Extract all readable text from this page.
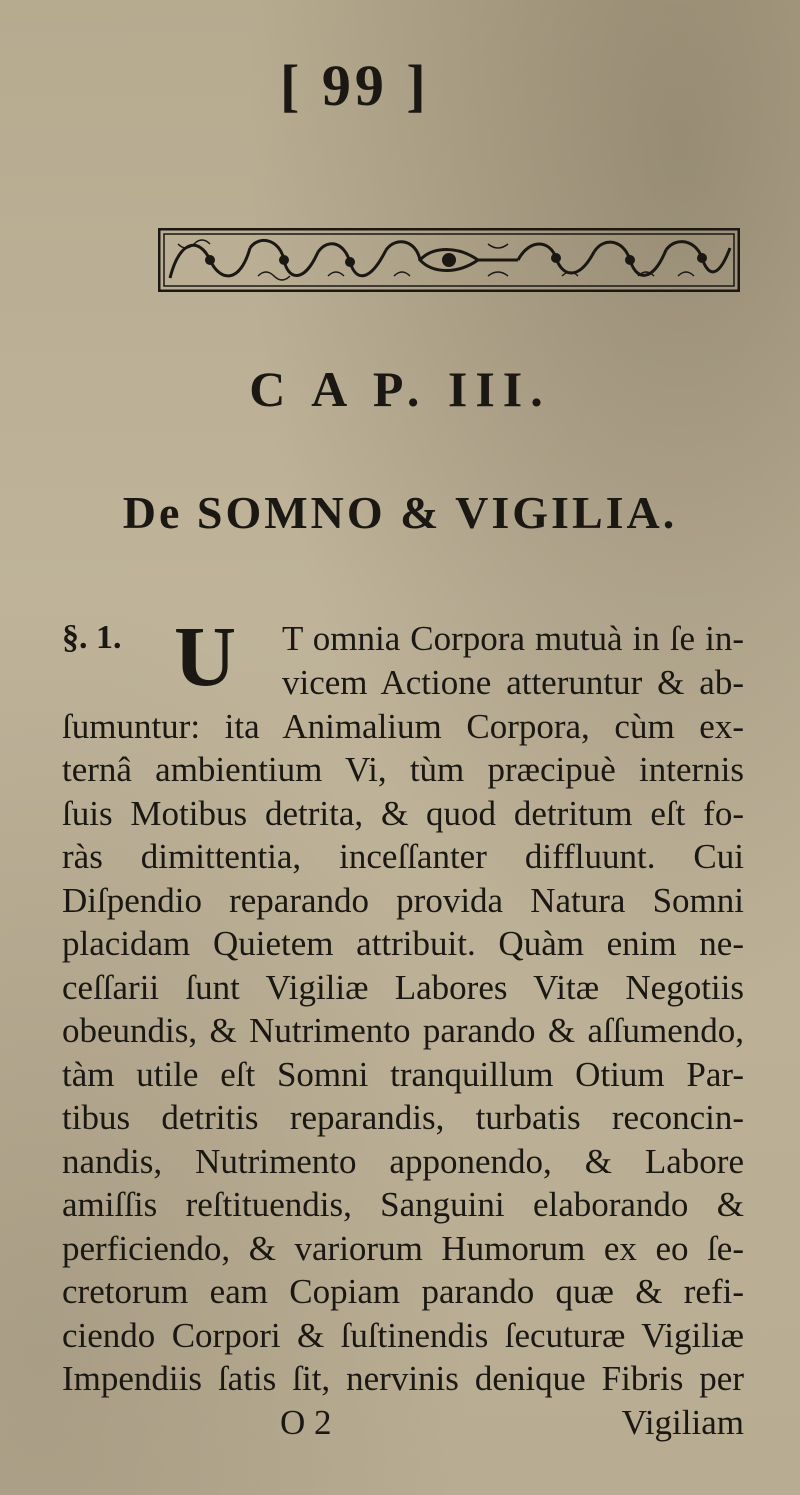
[ 99 ]
C A P. III.
De SOMNO & VIGILIA.
§. 1. U T omnia Corpora mutuà in ſe in-
vicem Actione atteruntur & ab-
ſumuntur: ita Animalium Corpora, cùm ex-
ternâ ambientium Vi, tùm præcipuè internis
ſuis Motibus detrita, & quod detritum eſt fo-
ràs dimittentia, inceſſanter diffluunt. Cui
Diſpendio reparando provida Natura Somni
placidam Quietem attribuit. Quàm enim ne-
ceſſarii ſunt Vigiliæ Labores Vitæ Negotiis
obeundis, & Nutrimento parando & aſſumendo,
tàm utile eſt Somni tranquillum Otium Par-
tibus detritis reparandis, turbatis reconcin-
nandis, Nutrimento apponendo, & Labore
amiſſis reſtituendis, Sanguini elaborando &
perficiendo, & variorum Humorum ex eo ſe-
cretorum eam Copiam parando quæ & refi-
ciendo Corpori & ſuſtinendis ſecuturæ Vigiliæ
Impendiis ſatis ſit, nervinis denique Fibris per
O 2	Vigiliam
